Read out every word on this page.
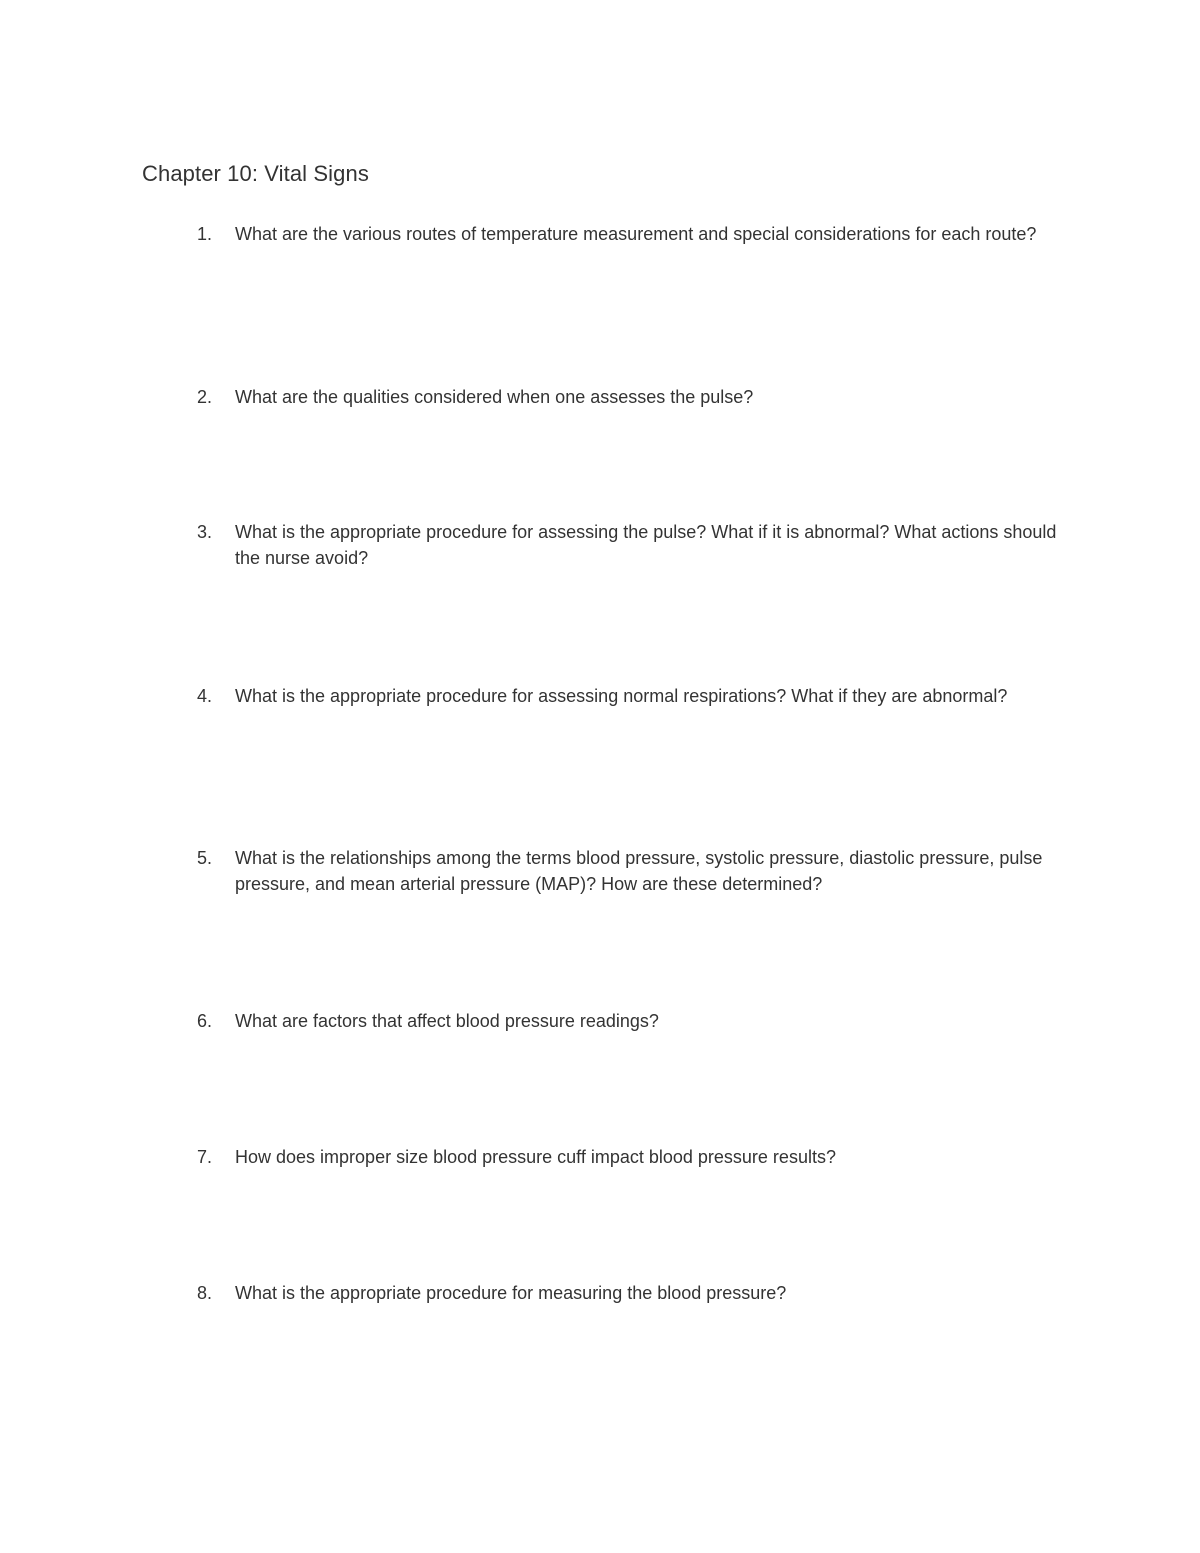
Chapter 10: Vital Signs
1.	What are the various routes of temperature measurement and special considerations for each route?
2.	What are the qualities considered when one assesses the pulse?
3.	What is the appropriate procedure for assessing the pulse? What if it is abnormal? What actions should the nurse avoid?
4.	What is the appropriate procedure for assessing normal respirations? What if they are abnormal?
5.	What is the relationships among the terms blood pressure, systolic pressure, diastolic pressure, pulse pressure, and mean arterial pressure (MAP)? How are these determined?
6.	What are factors that affect blood pressure readings?
7.	How does improper size blood pressure cuff impact blood pressure results?
8.	What is the appropriate procedure for measuring the blood pressure?
